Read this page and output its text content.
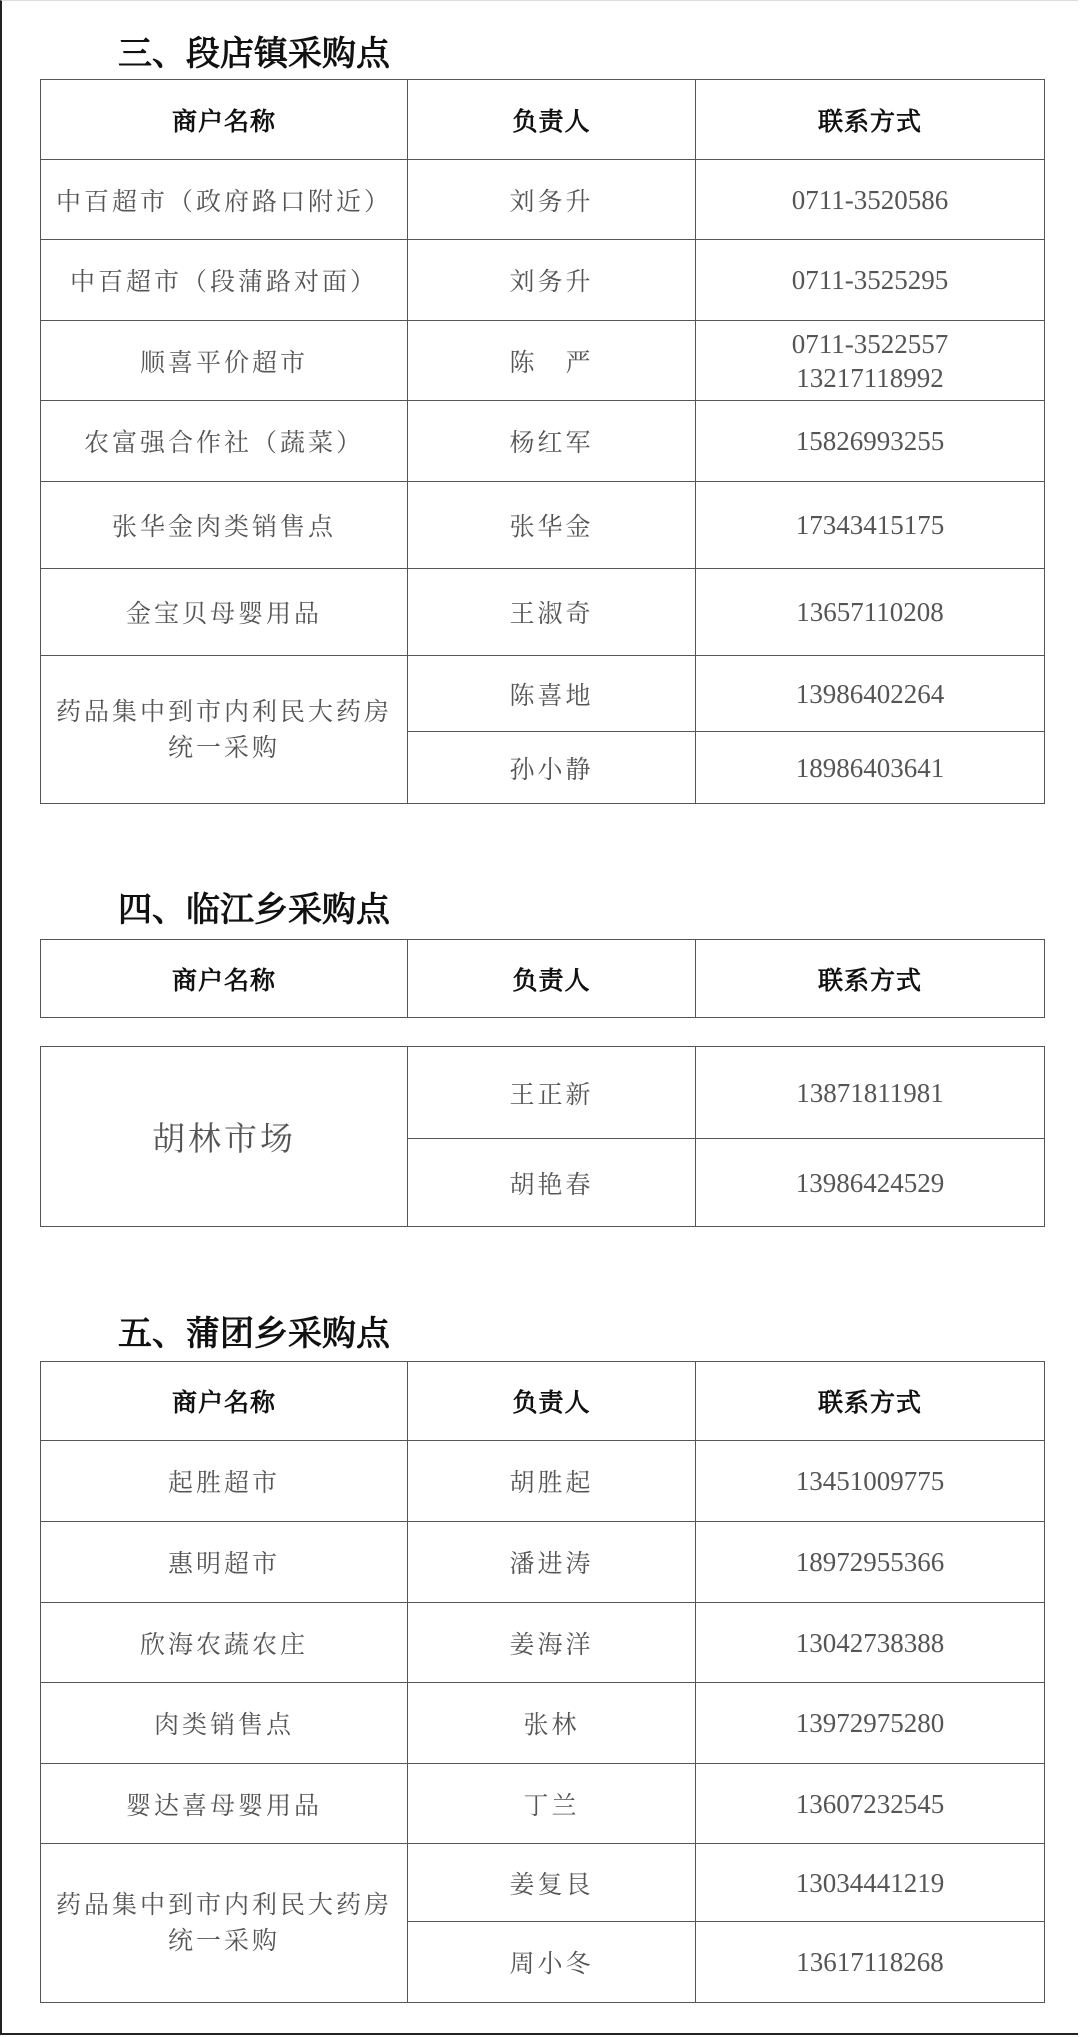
三、段店镇采购点
商户名称	负责人	联系方式
中百超市（政府路口附近）	刘务升	0711-3520586
中百超市（段蒲路对面）	刘务升	0711-3525295
顺喜平价超市	陈　严	0711-3522557
13217118992

农富强合作社（蔬菜）	杨红军	15826993255
张华金肉类销售点	张华金	17343415175
金宝贝母婴用品	王淑奇	13657110208

药品集中到市内利民大药房
统一采购	陈喜地	13986402264
	孙小静	18986403641
四、临江乡采购点
商户名称	负责人	联系方式
胡林市场	王正新	13871811981
	胡艳春	13986424529
五、蒲团乡采购点
商户名称	负责人	联系方式
起胜超市	胡胜起	13451009775
惠明超市	潘进涛	18972955366
欣海农蔬农庄	姜海洋	13042738388
肉类销售点	张林	13972975280
婴达喜母婴用品	丁兰	13607232545

药品集中到市内利民大药房
统一采购	姜复艮	13034441219
	周小冬	13617118268
